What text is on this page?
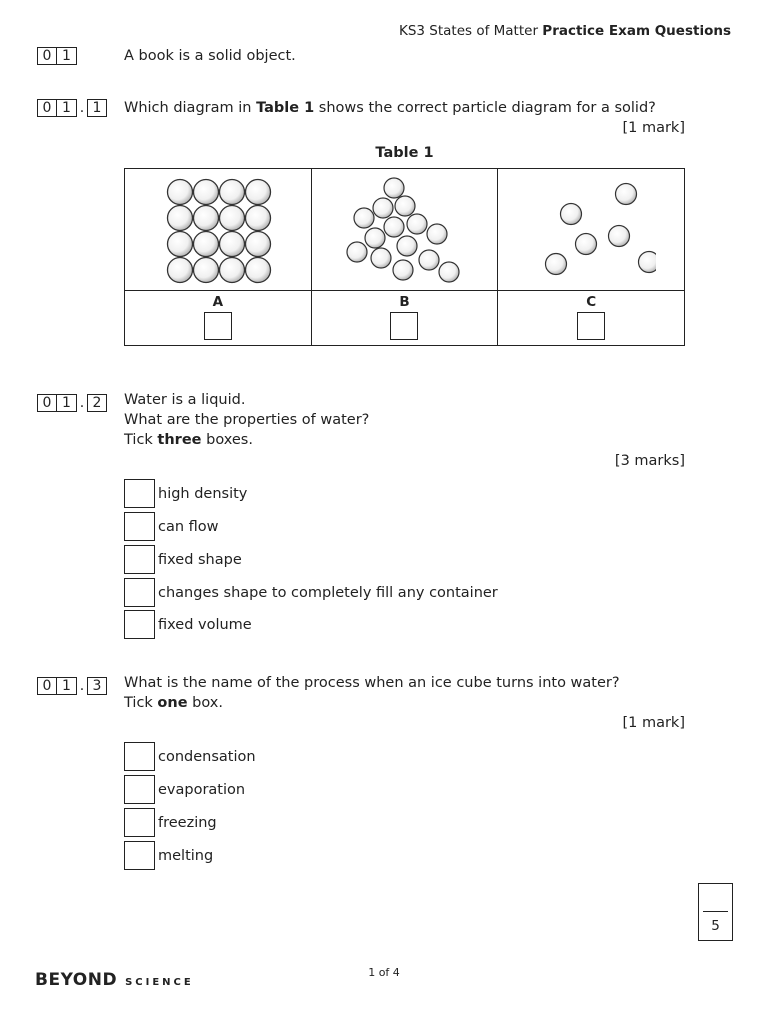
KS3 States of Matter Practice Exam Questions
0 1	A book is a solid object.
0 1 . 1	Which diagram in Table 1 shows the correct particle diagram for a solid?
[1 mark]
Table 1

A	B	C
0 1 . 2	Water is a liquid.
What are the properties of water?
Tick three boxes.
[3 marks]
high density
can flow
fixed shape
changes shape to completely fill any container
fixed volume
0 1 . 3	What is the name of the process when an ice cube turns into water?
Tick one box.
[1 mark]
condensation
evaporation
freezing
melting
5
BEYOND SCIENCE
1 of 4
